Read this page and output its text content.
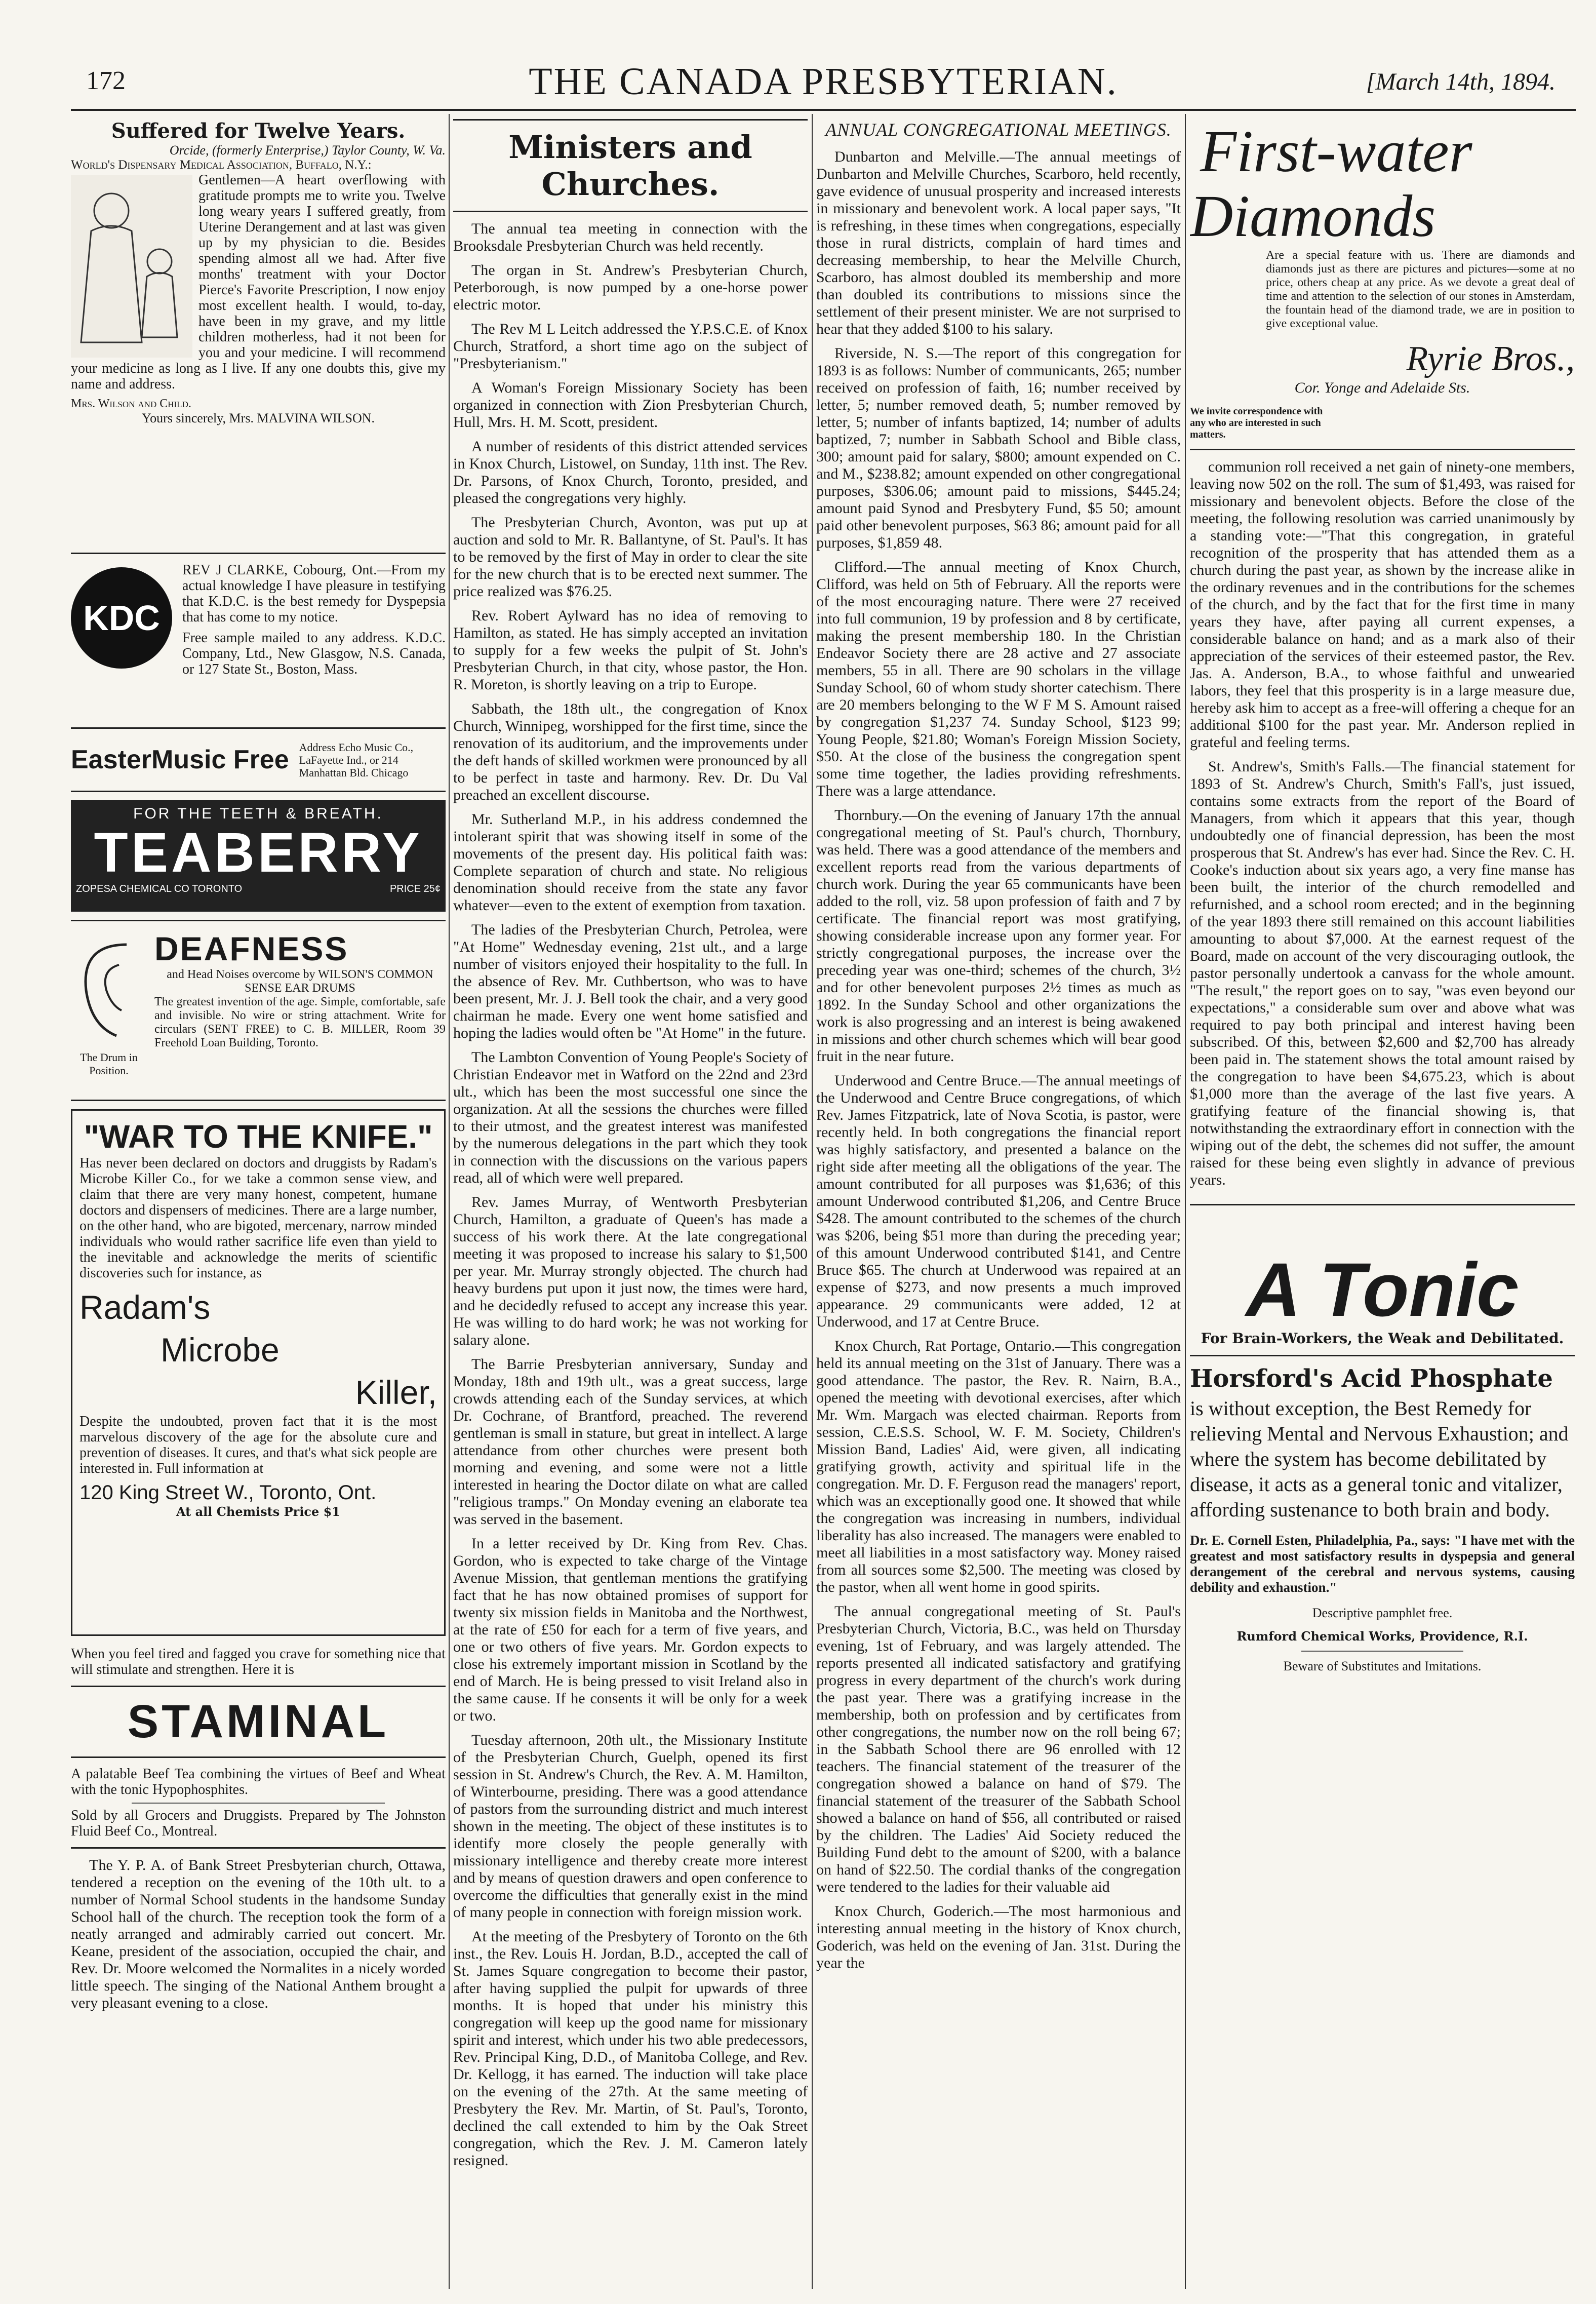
172	THE CANADA PRESBYTERIAN.	[March 14th, 1894.
Suffered for Twelve Years.
Orcide, (formerly Enterprise,) Taylor County, W. Va.
World's Dispensary Medical Association, Buffalo, N.Y.:

Gentlemen—A heart overflowing with gratitude prompts me to write you. Twelve long weary years I suffered greatly, from Uterine Derangement and at last was given up by my physician to die. Besides spending almost all we had. After five months' treatment with your Doctor Pierce's Favorite Prescription, I now enjoy most excellent health. I would, to-day, have been in my grave, and my little children motherless, had it not been for you and your medicine. I will recommend your medicine as long as I live. If any one doubts this, give my name and address.

Mrs. Wilson and Child.
Yours sincerely, Mrs. MALVINA WILSON.
KDC

REV J CLARKE, Cobourg, Ont.—From my actual knowledge I have pleasure in testifying that K.D.C. is the best remedy for Dyspepsia that has come to my notice.

Free sample mailed to any address. K.D.C. Company, Ltd., New Glasgow, N.S. Canada, or 127 State St., Boston, Mass.

EasterMusic Free Address Echo Music Co., LaFayette Ind., or 214 Manhattan Bld. Chicago
FOR THE TEETH & BREATH.
TEABERRY
ZOPESA CHEMICAL CO TORONTO	PRICE 25¢
The Drum in Position.
DEAFNESS
and Head Noises overcome by WILSON'S COMMON SENSE EAR DRUMS

The greatest invention of the age. Simple, comfortable, safe and invisible. No wire or string attachment. Write for circulars (SENT FREE) to C. B. MILLER, Room 39 Freehold Loan Building, Toronto.

"WAR TO THE KNIFE."

Has never been declared on doctors and druggists by Radam's Microbe Killer Co., for we take a common sense view, and claim that there are very many honest, competent, humane doctors and dispensers of medicines. There are a large number, on the other hand, who are bigoted, mercenary, narrow minded individuals who would rather sacrifice life even than yield to the inevitable and acknowledge the merits of scientific discoveries such for instance, as

Radam's
Microbe
Killer,

Despite the undoubted, proven fact that it is the most marvelous discovery of the age for the absolute cure and prevention of diseases. It cures, and that's what sick people are interested in. Full information at

120 King Street W., Toronto, Ont.
At all Chemists Price $1

When you feel tired and fagged you crave for something nice that will stimulate and strengthen. Here it is

STAMINAL

A palatable Beef Tea combining the virtues of Beef and Wheat with the tonic Hypophosphites.

Sold by all Grocers and Druggists. Prepared by The Johnston Fluid Beef Co., Montreal.

The Y. P. A. of Bank Street Presbyterian church, Ottawa, tendered a reception on the evening of the 10th ult. to a number of Normal School students in the handsome Sunday School hall of the church. The reception took the form of a neatly arranged and admirably carried out concert. Mr. Keane, president of the association, occupied the chair, and Rev. Dr. Moore welcomed the Normalites in a nicely worded little speech. The singing of the National Anthem brought a very pleasant evening to a close.

Ministers and Churches.

The annual tea meeting in connection with the Brooksdale Presbyterian Church was held recently.

The organ in St. Andrew's Presbyterian Church, Peterborough, is now pumped by a one-horse power electric motor.

The Rev M L Leitch addressed the Y.P.S.C.E. of Knox Church, Stratford, a short time ago on the subject of "Presbyterianism."

A Woman's Foreign Missionary Society has been organized in connection with Zion Presbyterian Church, Hull, Mrs. H. M. Scott, president.

A number of residents of this district attended services in Knox Church, Listowel, on Sunday, 11th inst. The Rev. Dr. Parsons, of Knox Church, Toronto, presided, and pleased the congregations very highly.

The Presbyterian Church, Avonton, was put up at auction and sold to Mr. R. Ballantyne, of St. Paul's. It has to be removed by the first of May in order to clear the site for the new church that is to be erected next summer. The price realized was $76.25.

Rev. Robert Aylward has no idea of removing to Hamilton, as stated. He has simply accepted an invitation to supply for a few weeks the pulpit of St. John's Presbyterian Church, in that city, whose pastor, the Hon. R. Moreton, is shortly leaving on a trip to Europe.

Sabbath, the 18th ult., the congregation of Knox Church, Winnipeg, worshipped for the first time, since the renovation of its auditorium, and the improvements under the deft hands of skilled workmen were pronounced by all to be perfect in taste and harmony. Rev. Dr. Du Val preached an excellent discourse.

Mr. Sutherland M.P., in his address condemned the intolerant spirit that was showing itself in some of the movements of the present day. His political faith was: Complete separation of church and state. No religious denomination should receive from the state any favor whatever—even to the extent of exemption from taxation.

The ladies of the Presbyterian Church, Petrolea, were "At Home" Wednesday evening, 21st ult., and a large number of visitors enjoyed their hospitality to the full. In the absence of Rev. Mr. Cuthbertson, who was to have been present, Mr. J. J. Bell took the chair, and a very good chairman he made. Every one went home satisfied and hoping the ladies would often be "At Home" in the future.

The Lambton Convention of Young People's Society of Christian Endeavor met in Watford on the 22nd and 23rd ult., which has been the most successful one since the organization. At all the sessions the churches were filled to their utmost, and the greatest interest was manifested by the numerous delegations in the part which they took in connection with the discussions on the various papers read, all of which were well prepared.

Rev. James Murray, of Wentworth Presbyterian Church, Hamilton, a graduate of Queen's has made a success of his work there. At the late congregational meeting it was proposed to increase his salary to $1,500 per year. Mr. Murray strongly objected. The church had heavy burdens put upon it just now, the times were hard, and he decidedly refused to accept any increase this year. He was willing to do hard work; he was not working for salary alone.

The Barrie Presbyterian anniversary, Sunday and Monday, 18th and 19th ult., was a great success, large crowds attending each of the Sunday services, at which Dr. Cochrane, of Brantford, preached. The reverend gentleman is small in stature, but great in intellect. A large attendance from other churches were present both morning and evening, and some were not a little interested in hearing the Doctor dilate on what are called "religious tramps." On Monday evening an elaborate tea was served in the basement.

In a letter received by Dr. King from Rev. Chas. Gordon, who is expected to take charge of the Vintage Avenue Mission, that gentleman mentions the gratifying fact that he has now obtained promises of support for twenty six mission fields in Manitoba and the Northwest, at the rate of £50 for each for a term of five years, and one or two others of five years. Mr. Gordon expects to close his extremely important mission in Scotland by the end of March. He is being pressed to visit Ireland also in the same cause. If he consents it will be only for a week or two.

Tuesday afternoon, 20th ult., the Missionary Institute of the Presbyterian Church, Guelph, opened its first session in St. Andrew's Church, the Rev. A. M. Hamilton, of Winterbourne, presiding. There was a good attendance of pastors from the surrounding district and much interest shown in the meeting. The object of these institutes is to identify more closely the people generally with missionary intelligence and thereby create more interest and by means of question drawers and open conference to overcome the difficulties that generally exist in the mind of many people in connection with foreign mission work.

At the meeting of the Presbytery of Toronto on the 6th inst., the Rev. Louis H. Jordan, B.D., accepted the call of St. James Square congregation to become their pastor, after having supplied the pulpit for upwards of three months. It is hoped that under his ministry this congregation will keep up the good name for missionary spirit and interest, which under his two able predecessors, Rev. Principal King, D.D., of Manitoba College, and Rev. Dr. Kellogg, it has earned. The induction will take place on the evening of the 27th. At the same meeting of Presbytery the Rev. Mr. Martin, of St. Paul's, Toronto, declined the call extended to him by the Oak Street congregation, which the Rev. J. M. Cameron lately resigned.

ANNUAL CONGREGATIONAL MEETINGS.

Dunbarton and Melville.—The annual meetings of Dunbarton and Melville Churches, Scarboro, held recently, gave evidence of unusual prosperity and increased interests in missionary and benevolent work. A local paper says, "It is refreshing, in these times when congregations, especially those in rural districts, complain of hard times and decreasing membership, to hear the Melville Church, Scarboro, has almost doubled its membership and more than doubled its contributions to missions since the settlement of their present minister. We are not surprised to hear that they added $100 to his salary.

Riverside, N. S.—The report of this congregation for 1893 is as follows: Number of communicants, 265; number received on profession of faith, 16; number received by letter, 5; number removed death, 5; number removed by letter, 5; number of infants baptized, 14; number of adults baptized, 7; number in Sabbath School and Bible class, 300; amount paid for salary, $800; amount expended on C. and M., $238.82; amount expended on other congregational purposes, $306.06; amount paid to missions, $445.24; amount paid Synod and Presbytery Fund, $5 50; amount paid other benevolent purposes, $63 86; amount paid for all purposes, $1,859 48.

Clifford.—The annual meeting of Knox Church, Clifford, was held on 5th of February. All the reports were of the most encouraging nature. There were 27 received into full communion, 19 by profession and 8 by certificate, making the present membership 180. In the Christian Endeavor Society there are 28 active and 27 associate members, 55 in all. There are 90 scholars in the village Sunday School, 60 of whom study shorter catechism. There are 20 members belonging to the W F M S. Amount raised by congregation $1,237 74. Sunday School, $123 99; Young People, $21.80; Woman's Foreign Mission Society, $50. At the close of the business the congregation spent some time together, the ladies providing refreshments. There was a large attendance.

Thornbury.—On the evening of January 17th the annual congregational meeting of St. Paul's church, Thornbury, was held. There was a good attendance of the members and excellent reports read from the various departments of church work. During the year 65 communicants have been added to the roll, viz. 58 upon profession of faith and 7 by certificate. The financial report was most gratifying, showing considerable increase upon any former year. For strictly congregational purposes, the increase over the preceding year was one-third; schemes of the church, 3½ and for other benevolent purposes 2½ times as much as 1892. In the Sunday School and other organizations the work is also progressing and an interest is being awakened in missions and other church schemes which will bear good fruit in the near future.

Underwood and Centre Bruce.—The annual meetings of the Underwood and Centre Bruce congregations, of which Rev. James Fitzpatrick, late of Nova Scotia, is pastor, were recently held. In both congregations the financial report was highly satisfactory, and presented a balance on the right side after meeting all the obligations of the year. The amount contributed for all purposes was $1,636; of this amount Underwood contributed $1,206, and Centre Bruce $428. The amount contributed to the schemes of the church was $206, being $51 more than during the preceding year; of this amount Underwood contributed $141, and Centre Bruce $65. The church at Underwood was repaired at an expense of $273, and now presents a much improved appearance. 29 communicants were added, 12 at Underwood, and 17 at Centre Bruce.

Knox Church, Rat Portage, Ontario.—This congregation held its annual meeting on the 31st of January. There was a good attendance. The pastor, the Rev. R. Nairn, B.A., opened the meeting with devotional exercises, after which Mr. Wm. Margach was elected chairman. Reports from session, C.E.S.S. School, W. F. M. Society, Children's Mission Band, Ladies' Aid, were given, all indicating gratifying growth, activity and spiritual life in the congregation. Mr. D. F. Ferguson read the managers' report, which was an exceptionally good one. It showed that while the congregation was increasing in numbers, individual liberality has also increased. The managers were enabled to meet all liabilities in a most satisfactory way. Money raised from all sources some $2,500. The meeting was closed by the pastor, when all went home in good spirits.

The annual congregational meeting of St. Paul's Presbyterian Church, Victoria, B.C., was held on Thursday evening, 1st of February, and was largely attended. The reports presented all indicated satisfactory and gratifying progress in every department of the church's work during the past year. There was a gratifying increase in the membership, both on profession and by certificates from other congregations, the number now on the roll being 67; in the Sabbath School there are 96 enrolled with 12 teachers. The financial statement of the treasurer of the congregation showed a balance on hand of $79. The financial statement of the treasurer of the Sabbath School showed a balance on hand of $56, all contributed or raised by the children. The Ladies' Aid Society reduced the Building Fund debt to the amount of $200, with a balance on hand of $22.50. The cordial thanks of the congregation were tendered to the ladies for their valuable aid

Knox Church, Goderich.—The most harmonious and interesting annual meeting in the history of Knox church, Goderich, was held on the evening of Jan. 31st. During the year the

First-water
Diamonds

Are a special feature with us. There are diamonds and diamonds just as there are pictures and pictures—some at no price, others cheap at any price. As we devote a great deal of time and attention to the selection of our stones in Amsterdam, the fountain head of the diamond trade, we are in position to give exceptional value.

Ryrie Bros.,
Cor. Yonge and Adelaide Sts.
We invite correspondence with any who are interested in such matters.

communion roll received a net gain of ninety-one members, leaving now 502 on the roll. The sum of $1,493, was raised for missionary and benevolent objects. Before the close of the meeting, the following resolution was carried unanimously by a standing vote:—"That this congregation, in grateful recognition of the prosperity that has attended them as a church during the past year, as shown by the increase alike in the ordinary revenues and in the contributions for the schemes of the church, and by the fact that for the first time in many years they have, after paying all current expenses, a considerable balance on hand; and as a mark also of their appreciation of the services of their esteemed pastor, the Rev. Jas. A. Anderson, B.A., to whose faithful and unwearied labors, they feel that this prosperity is in a large measure due, hereby ask him to accept as a free-will offering a cheque for an additional $100 for the past year. Mr. Anderson replied in grateful and feeling terms.

St. Andrew's, Smith's Falls.—The financial statement for 1893 of St. Andrew's Church, Smith's Fall's, just issued, contains some extracts from the report of the Board of Managers, from which it appears that this year, though undoubtedly one of financial depression, has been the most prosperous that St. Andrew's has ever had. Since the Rev. C. H. Cooke's induction about six years ago, a very fine manse has been built, the interior of the church remodelled and refurnished, and a school room erected; and in the beginning of the year 1893 there still remained on this account liabilities amounting to about $7,000. At the earnest request of the Board, made on account of the very discouraging outlook, the pastor personally undertook a canvass for the whole amount. "The result," the report goes on to say, "was even beyond our expectations," a considerable sum over and above what was required to pay both principal and interest having been subscribed. Of this, between $2,600 and $2,700 has already been paid in. The statement shows the total amount raised by the congregation to have been $4,675.23, which is about $1,000 more than the average of the last five years. A gratifying feature of the financial showing is, that notwithstanding the extraordinary effort in connection with the wiping out of the debt, the schemes did not suffer, the amount raised for these being even slightly in advance of previous years.

A Tonic
For Brain-Workers, the Weak and Debilitated.
Horsford's Acid Phosphate

is without exception, the Best Remedy for relieving Mental and Nervous Exhaustion; and where the system has become debilitated by disease, it acts as a general tonic and vitalizer, affording sustenance to both brain and body.

Dr. E. Cornell Esten, Philadelphia, Pa., says: "I have met with the greatest and most satisfactory results in dyspepsia and general derangement of the cerebral and nervous systems, causing debility and exhaustion."

Descriptive pamphlet free.
Rumford Chemical Works, Providence, R.I.
Beware of Substitutes and Imitations.
